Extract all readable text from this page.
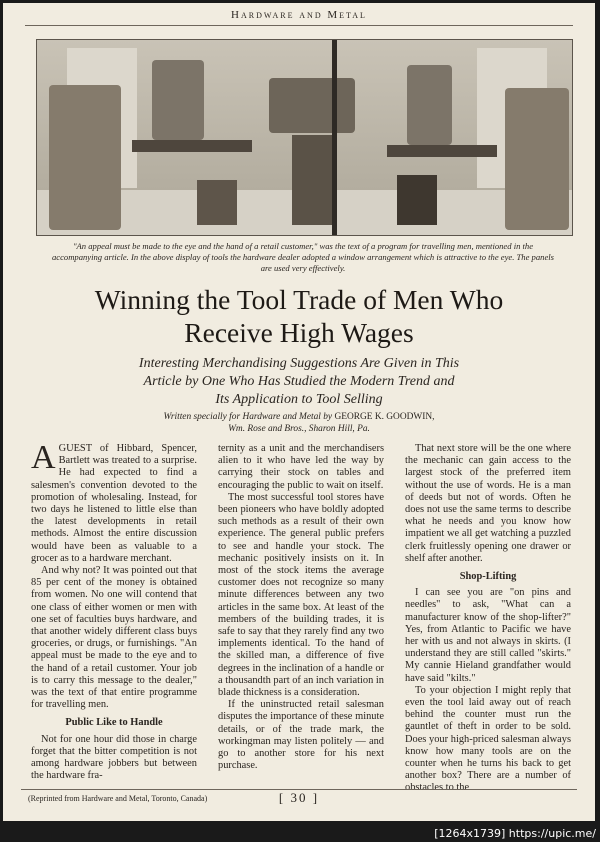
Hardware and Metal
"An appeal must be made to the eye and the hand of a retail customer," was the text of a program for travelling men, mentioned in the accompanying article. In the above display of tools the hardware dealer adopted a window arrangement which is attractive to the eye. The panels are used very effectively.
Winning the Tool Trade of Men Who
Receive High Wages
Interesting Merchandising Suggestions Are Given in This
Article by One Who Has Studied the Modern Trend and
Its Application to Tool Selling
Written specially for Hardware and Metal by GEORGE K. GOODWIN,
Wm. Rose and Bros., Sharon Hill, Pa.

AGUEST of Hibbard, Spencer, Bartlett was treated to a surprise. He had expected to find a salesmen's convention devoted to the promotion of wholesaling. Instead, for two days he listened to little else than the latest developments in retail methods. Almost the entire discussion would have been as valuable to a grocer as to a hardware merchant.

And why not? It was pointed out that 85 per cent of the money is obtained from women. No one will contend that one class of either women or men with one set of faculties buys hardware, and that another widely different class buys groceries, or drugs, or furnishings. "An appeal must be made to the eye and to the hand of a retail customer. Your job is to carry this message to the dealer," was the text of that entire programme for travelling men.

Public Like to Handle

Not for one hour did those in charge forget that the bitter competition is not among hardware jobbers but between the hardware fra-

ternity as a unit and the merchandisers alien to it who have led the way by carrying their stock on tables and encouraging the public to wait on itself.

The most successful tool stores have been pioneers who have boldly adopted such methods as a result of their own experience. The general public prefers to see and handle your stock. The mechanic positively insists on it. In most of the stock items the average customer does not recognize so many minute differences between any two articles in the same box. At least of the members of the building trades, it is safe to say that they rarely find any two implements identical. To the hand of the skilled man, a difference of five degrees in the inclination of a handle or a thousandth part of an inch variation in blade thickness is a consideration.

If the uninstructed retail salesman disputes the importance of these minute details, or of the trade mark, the workingman may listen politely — and go to another store for his next purchase.

That next store will be the one where the mechanic can gain access to the largest stock of the preferred item without the use of words. He is a man of deeds but not of words. Often he does not use the same terms to describe what he needs and you know how impatient we all get watching a puzzled clerk fruitlessly opening one drawer or shelf after another.

Shop-Lifting

I can see you are "on pins and needles" to ask, "What can a manufacturer know of the shop-lifter?" Yes, from Atlantic to Pacific we have her with us and not always in skirts. (I understand they are still called "skirts." My cannie Hieland grandfather would have said "kilts."

To your objection I might reply that even the tool laid away out of reach behind the counter must run the gauntlet of theft in order to be sold. Does your high-priced salesman always know how many tools are on the counter when he turns his back to get another box? There are a number of obstacles to the

(Reprinted from Hardware and Metal, Toronto, Canada)	[ 30 ]
[1264x1739] https://upic.me/
